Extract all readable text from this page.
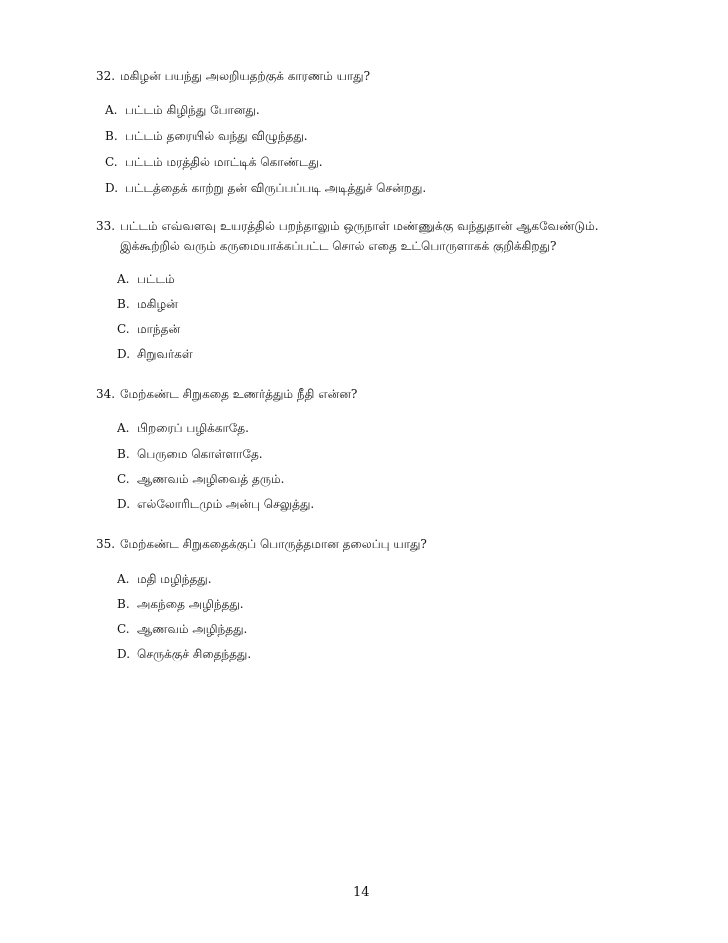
32. மகிழன் பயந்து அலறியதற்குக் காரணம் யாது?
A. பட்டம் கிழிந்து போனது.
B. பட்டம் தரையில் வந்து விழுந்தது.
C. பட்டம் மரத்தில் மாட்டிக் கொண்டது.
D. பட்டத்தைக் காற்று தன் விருப்பப்படி அடித்துச் சென்றது.
33. பட்டம் எவ்வளவு உயரத்தில் பறந்தாலும் ஒருநாள் மண்ணுக்கு வந்துதான் ஆகவேண்டும்.
இக்கூற்றில் வரும் கருமையாக்கப்பட்ட சொல் எதை உட்பொருளாகக் குறிக்கிறது?
A. பட்டம்
B. மகிழன்
C. மாந்தன்
D. சிறுவர்கள்
34. மேற்கண்ட சிறுகதை உணர்த்தும் நீதி என்ன?
A. பிறரைப் பழிக்காதே.
B. பெருமை கொள்ளாதே.
C. ஆணவம் அழிவைத் தரும்.
D. எல்லோரிடமும் அன்பு செலுத்து.
35. மேற்கண்ட சிறுகதைக்குப் பொருத்தமான தலைப்பு யாது?
A. மதி மழிந்தது.
B. அகந்தை அழிந்தது.
C. ஆணவம் அழிந்தது.
D. செருக்குச் சிதைந்தது.
14
